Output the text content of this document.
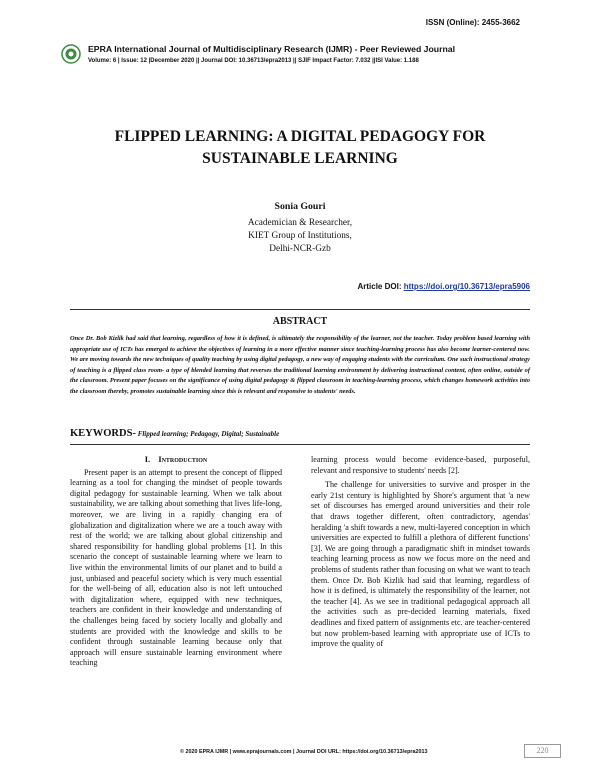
ISSN (Online): 2455-3662
EPRA International Journal of Multidisciplinary Research (IJMR) - Peer Reviewed Journal
Volume: 6 | Issue: 12 |December 2020 || Journal DOI: 10.36713/epra2013 || SJIF Impact Factor: 7.032 ||ISI Value: 1.188
FLIPPED LEARNING: A DIGITAL PEDAGOGY FOR
SUSTAINABLE LEARNING
Sonia Gouri
Academician & Researcher,
KIET Group of Institutions,
Delhi-NCR-Gzb
Article DOI: https://doi.org/10.36713/epra5906
ABSTRACT
Once Dr. Bob Kizlik had said that learning, regardless of how it is defined, is ultimately the responsibility of the learner, not the teacher. Today problem based learning with appropriate use of ICTs has emerged to achieve the objectives of learning in a more effective manner since teaching-learning process has also become learner-centered now. We are moving towards the new techniques of quality teaching by using digital pedagogy, a new way of engaging students with the curriculum. One such instructional strategy of teaching is a flipped class room- a type of blended learning that reverses the traditional learning environment by delivering instructional content, often online, outside of the classroom. Present paper focuses on the significance of using digital pedagogy & flipped classroom in teaching-learning process, which changes homework activities into the classroom thereby, promotes sustainable learning since this is relevant and responsive to students' needs.
KEYWORDS- Flipped learning; Pedagogy, Digital; Sustainable
I. Introduction

Present paper is an attempt to present the concept of flipped learning as a tool for changing the mindset of people towards digital pedagogy for sustainable learning. When we talk about sustainability, we are talking about something that lives life-long, moreover, we are living in a rapidly changing era of globalization and digitalization where we are a touch away with rest of the world; we are talking about global citizenship and shared responsibility for handling global problems [1]. In this scenario the concept of sustainable learning where we learn to live within the environmental limits of our planet and to build a just, unbiased and peaceful society which is very much essential for the well-being of all, education also is not left untouched with digitalization where, equipped with new techniques, teachers are confident in their knowledge and understanding of the challenges being faced by society locally and globally and students are provided with the knowledge and skills to be confident through sustainable learning because only that approach will ensure sustainable learning environment where teaching

learning process would become evidence-based, purposeful, relevant and responsive to students' needs [2].

The challenge for universities to survive and prosper in the early 21st century is highlighted by Shore's argument that 'a new set of discourses has emerged around universities and their role that draws together different, often contradictory, agendas' heralding 'a shift towards a new, multi-layered conception in which universities are expected to fulfill a plethora of different functions' [3]. We are going through a paradigmatic shift in mindset towards teaching learning process as now we focus more on the need and problems of students rather than focusing on what we want to teach them. Once Dr. Bob Kizlik had said that learning, regardless of how it is defined, is ultimately the responsibility of the learner, not the teacher [4]. As we see in traditional pedagogical approach all the activities such as pre-decided learning materials, fixed deadlines and fixed pattern of assignments etc. are teacher-centered but now problem-based learning with appropriate use of ICTs to improve the quality of

© 2020 EPRA IJMR | www.eprajournals.com | Journal DOI URL: https://doi.org/10.36713/epra2013	220
